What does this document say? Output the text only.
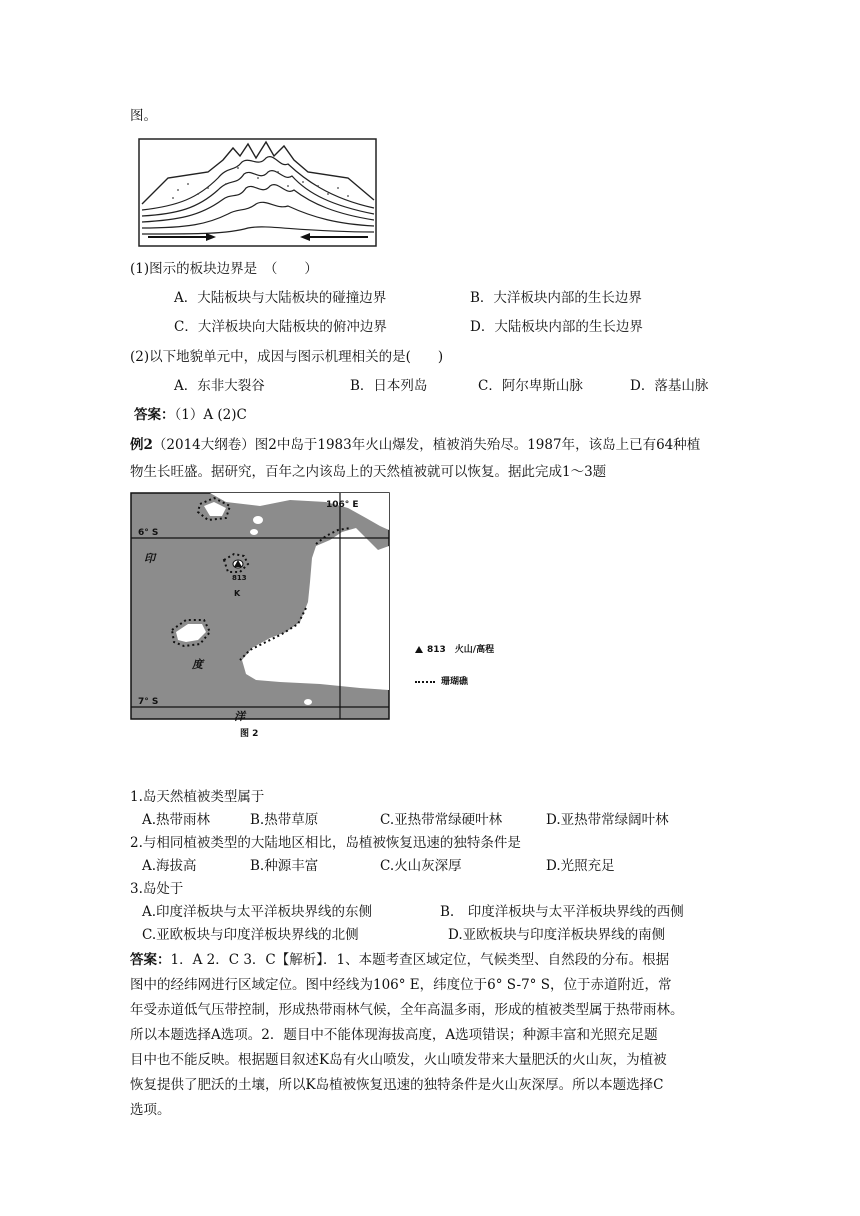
图。
(1)图示的板块边界是　（　　）
A．大陆板块与大陆板块的碰撞边界	B．大洋板块内部的生长边界
C．大洋板块向大陆板块的俯冲边界	D．大陆板块内部的生长边界
(2)以下地貌单元中，成因与图示机理相关的是(　　)
A．东非大裂谷	B．日本列岛	C．阿尔卑斯山脉	D．落基山脉
答案：（1）A (2)C
例2（2014大纲卷）图2中岛于1983年火山爆发，植被消失殆尽。1987年，该岛上已有64种植
物生长旺盛。据研究，百年之内该岛上的天然植被就可以恢复。据此完成1～3题
106° E
6° S
7° S
印
度
洋
813
K
图 2
813　火山/高程
珊瑚礁
1.岛天然植被类型属于
A.热带雨林	B.热带草原	C.亚热带常绿硬叶林	D.亚热带常绿阔叶林
2.与相同植被类型的大陆地区相比，岛植被恢复迅速的独特条件是
A.海拔高	B.种源丰富	C.火山灰深厚	D.光照充足
3.岛处于
A.印度洋板块与太平洋板块界线的东侧	B.　印度洋板块与太平洋板块界线的西侧
C.亚欧板块与印度洋板块界线的北侧	D.亚欧板块与印度洋板块界线的南侧
答案：1．A 2．C 3．C【解析】．1、本题考查区域定位，气候类型、自然段的分布。根据
图中的经纬网进行区域定位。图中经线为106° E，纬度位于6° S-7° S，位于赤道附近，常
年受赤道低气压带控制，形成热带雨林气候，全年高温多雨，形成的植被类型属于热带雨林。
所以本题选择A选项。2．题目中不能体现海拔高度，A选项错误；种源丰富和光照充足题
目中也不能反映。根据题目叙述K岛有火山喷发，火山喷发带来大量肥沃的火山灰，为植被
恢复提供了肥沃的土壤，所以K岛植被恢复迅速的独特条件是火山灰深厚。所以本题选择C
选项。
